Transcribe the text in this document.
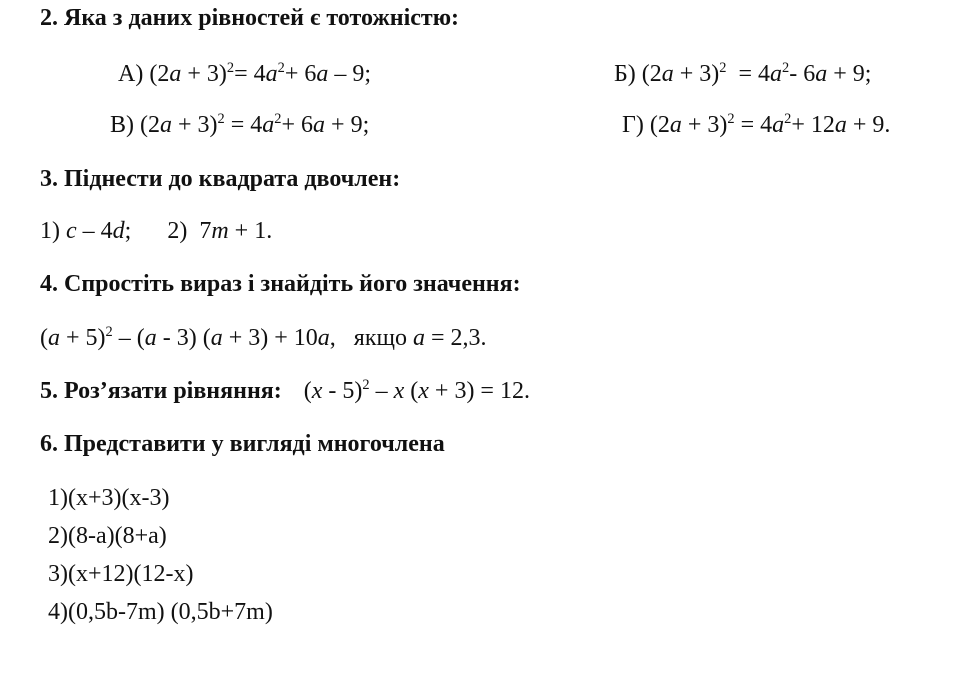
2. Яка з даних рівностей є тотожністю:
А) $(2a + 3)^2= 4a^2+ 6a - 9$;	Б) $(2a + 3)^2 = 4a^2-$ 6a + 9;
В) $(2a + 3)^2 = 4a^2+ 6a + 9$;	Г) $(2a + 3)^2 = 4a^2+ 12a + 9$.
3. Піднести до квадрата двочлен:
1) c – 4d; 2)  7m + 1.
4. Спростіть вираз і знайдіть його значення:
$(a + 5)^2 - (a - 3)$ (a + 3) + 10a,   якщо a = 2,3.
5. Роз’язати рівняння: (x - 5)$^2$ – x (x + 3) = 12.
6. Представити у вигляді многочлена
1)(x+3)(x-3)
2)(8-a)(8+a)
3)(x+12)(12-x)
4)(0,5b-7m) (0,5b+7m)
